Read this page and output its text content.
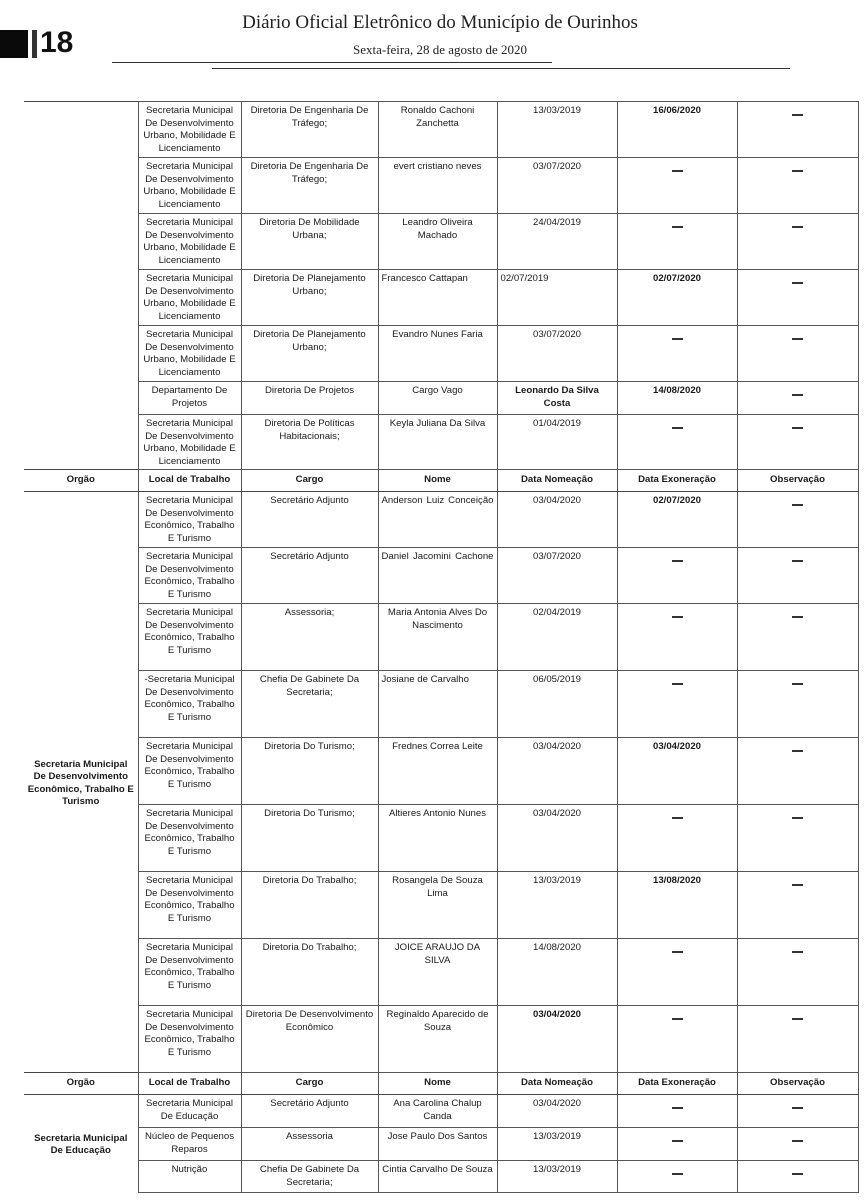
18
Diário Oficial Eletrônico do Município de Ourinhos
Sexta-feira, 28 de agosto de 2020
	Secretaria Municipal De Desenvolvimento Urbano, Mobilidade E Licenciamento	Diretoria De Engenharia De Tráfego;	Ronaldo Cachoni Zanchetta	13/03/2019	16/06/2020	
	Secretaria Municipal De Desenvolvimento Urbano, Mobilidade E Licenciamento	Diretoria De Engenharia De Tráfego;	evert cristiano neves	03/07/2020		
	Secretaria Municipal De Desenvolvimento Urbano, Mobilidade E Licenciamento	Diretoria De Mobilidade Urbana;	Leandro Oliveira Machado	24/04/2019		
	Secretaria Municipal De Desenvolvimento Urbano, Mobilidade E Licenciamento	Diretoria De Planejamento Urbano;	Francesco Cattapan	02/07/2019	02/07/2020	
	Secretaria Municipal De Desenvolvimento Urbano, Mobilidade E Licenciamento	Diretoria De Planejamento Urbano;	Evandro Nunes Faria	03/07/2020		
	Departamento De Projetos	Diretoria De Projetos	Cargo Vago	Leonardo Da Silva Costa	14/08/2020	
	Secretaria Municipal De Desenvolvimento Urbano, Mobilidade E Licenciamento	Diretoria De Políticas Habitacionais;	Keyla Juliana Da Silva	01/04/2019		
Orgão	Local de Trabalho	Cargo	Nome	Data Nomeação	Data Exoneração	Observação
Secretaria Municipal De Desenvolvimento Econômico, Trabalho E Turismo	Secretaria Municipal De Desenvolvimento Econômico, Trabalho E Turismo	Secretário Adjunto	Anderson Luiz Conceição	03/04/2020	02/07/2020	
	Secretaria Municipal De Desenvolvimento Econômico, Trabalho E Turismo	Secretário Adjunto	Daniel Jacomini Cachone	03/07/2020		
	Secretaria Municipal De Desenvolvimento Econômico, Trabalho E Turismo	Assessoria;	Maria Antonia Alves Do Nascimento	02/04/2019		
	-Secretaria Municipal De Desenvolvimento Econômico, Trabalho E Turismo	Chefia De Gabinete Da Secretaria;	Josiane de Carvalho	06/05/2019		
	Secretaria Municipal De Desenvolvimento Econômico, Trabalho E Turismo	Diretoria Do Turismo;	Frednes Correa Leite	03/04/2020	03/04/2020	
	Secretaria Municipal De Desenvolvimento Econômico, Trabalho E Turismo	Diretoria Do Turismo;	Altieres Antonio Nunes	03/04/2020		
	Secretaria Municipal De Desenvolvimento Econômico, Trabalho E Turismo	Diretoria Do Trabalho;	Rosangela De Souza Lima	13/03/2019	13/08/2020	
	Secretaria Municipal De Desenvolvimento Econômico, Trabalho E Turismo	Diretoria Do Trabalho;	JOICE ARAUJO DA SILVA	14/08/2020		
	Secretaria Municipal De Desenvolvimento Econômico, Trabalho E Turismo	Diretoria De Desenvolvimento Econômico	Reginaldo Aparecido de Souza	03/04/2020		
Orgão	Local de Trabalho	Cargo	Nome	Data Nomeação	Data Exoneração	Observação
Secretaria Municipal De Educação	Secretaria Municipal De Educação	Secretário Adjunto	Ana Carolina Chalup Canda	03/04/2020		
	Núcleo de Pequenos Reparos	Assessoria	Jose Paulo Dos Santos	13/03/2019		
	Nutrição	Chefia De Gabinete Da Secretaria;	Cintia Carvalho De Souza	13/03/2019		
